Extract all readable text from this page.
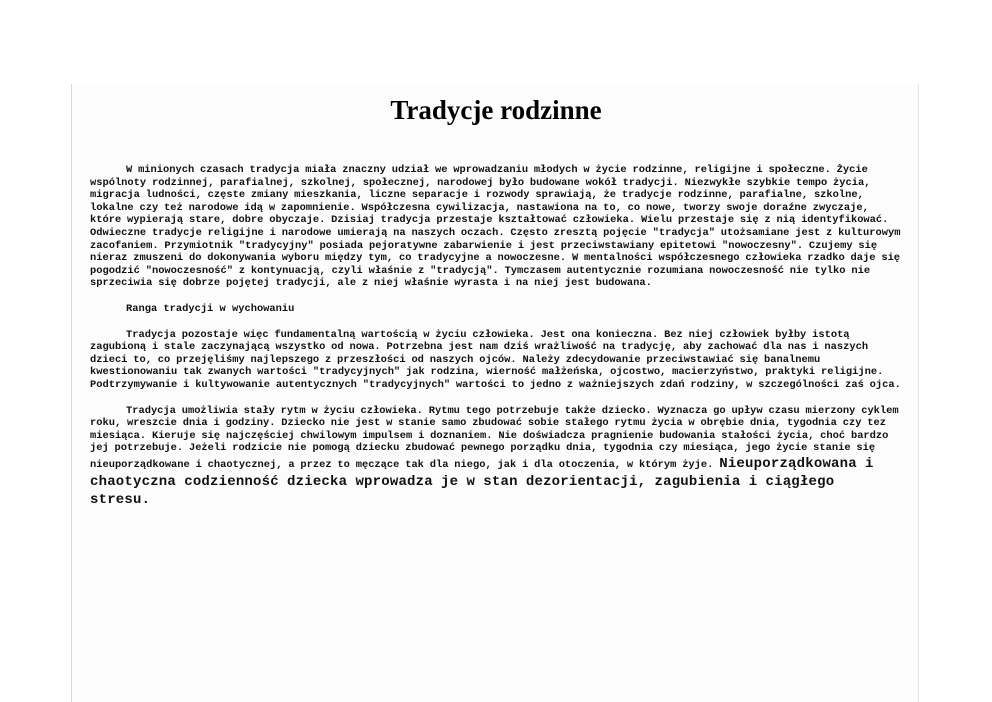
Tradycje rodzinne

W minionych czasach tradycja miała znaczny udział we wprowadzaniu młodych w życie rodzinne, religijne i społeczne. Życie wspólnoty rodzinnej, parafialnej, szkolnej, społecznej, narodowej było budowane wokół tradycji. Niezwykłe szybkie tempo życia, migracja ludności, częste zmiany mieszkania, liczne separacje i rozwody sprawiają, że tradycje rodzinne, parafialne, szkolne, lokalne czy też narodowe idą w zapomnienie. Współczesna cywilizacja, nastawiona na to, co nowe, tworzy swoje doraźne zwyczaje, które wypierają stare, dobre obyczaje. Dzisiaj tradycja przestaje kształtować człowieka. Wielu przestaje się z nią identyfikować. Odwieczne tradycje religijne i narodowe umierają na naszych oczach. Często zresztą pojęcie "tradycja" utożsamiane jest z kulturowym zacofaniem. Przymiotnik "tradycyjny" posiada pejoratywne zabarwienie i jest przeciwstawiany epitetowi "nowoczesny". Czujemy się nieraz zmuszeni do dokonywania wyboru między tym, co tradycyjne a nowoczesne. W mentalności współczesnego człowieka rzadko daje się pogodzić "nowoczesność" z kontynuacją, czyli właśnie z "tradycją". Tymczasem autentycznie rozumiana nowoczesność nie tylko nie sprzeciwia się dobrze pojętej tradycji, ale z niej właśnie wyrasta i na niej jest budowana.

Ranga tradycji w wychowaniu

Tradycja pozostaje więc fundamentalną wartością w życiu człowieka. Jest ona konieczna. Bez niej człowiek byłby istotą zagubioną i stale zaczynającą wszystko od nowa. Potrzebna jest nam dziś wrażliwość na tradycję, aby zachować dla nas i naszych dzieci to, co przejęliśmy najlepszego z przeszłości od naszych ojców. Należy zdecydowanie przeciwstawiać się banalnemu kwestionowaniu tak zwanych wartości "tradycyjnych" jak rodzina, wierność małżeńska, ojcostwo, macierzyństwo, praktyki religijne. Podtrzymywanie i kultywowanie autentycznych "tradycyjnych" wartości to jedno z ważniejszych zdań rodziny, w szczególności zaś ojca.

Tradycja umożliwia stały rytm w życiu człowieka. Rytmu tego potrzebuje także dziecko. Wyznacza go upływ czasu mierzony cyklem roku, wreszcie dnia i godziny. Dziecko nie jest w stanie samo zbudować sobie stałego rytmu życia w obrębie dnia, tygodnia czy tez miesiąca. Kieruje się najczęściej chwilowym impulsem i doznaniem. Nie doświadcza pragnienie budowania stałości życia, choć bardzo jej potrzebuje. Jeżeli rodzicie nie pomogą dziecku zbudować pewnego porządku dnia, tygodnia czy miesiąca, jego życie stanie się nieuporządkowane i chaotycznej, a przez to męczące tak dla niego, jak i dla otoczenia, w którym żyje. Nieuporządkowana i chaotyczna codzienność dziecka wprowadza je w stan dezorientacji, zagubienia i ciągłego stresu.
